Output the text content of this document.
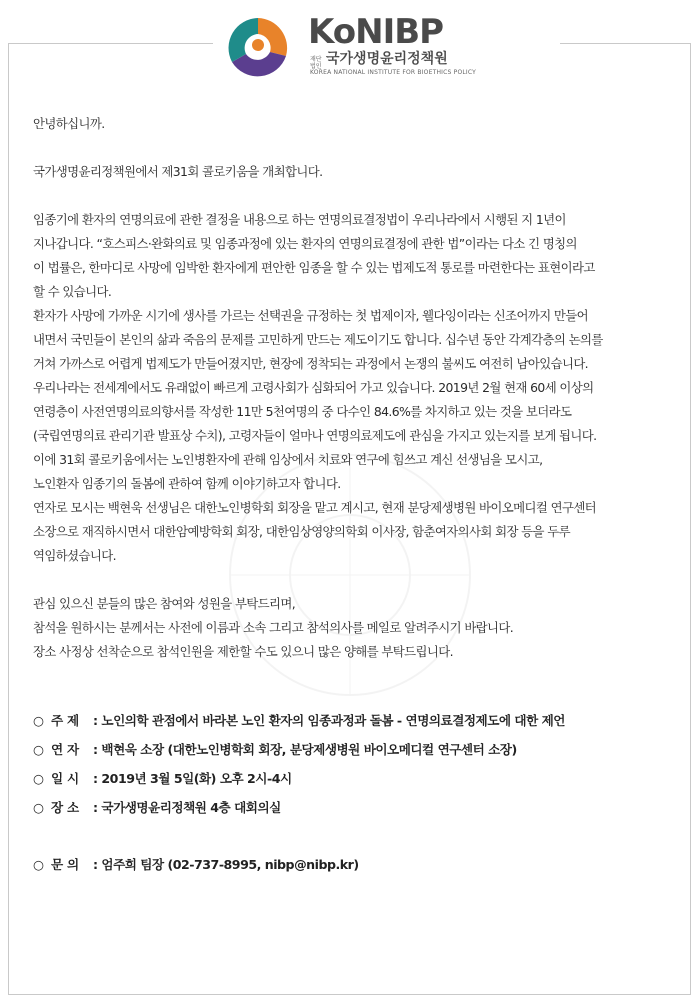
KoNIBP
재단
법인 국가생명윤리정책원
KOREA NATIONAL INSTITUTE FOR BIOETHICS POLICY

안녕하십니까.

국가생명윤리정책원에서 제31회 콜로키움을 개최합니다.

임종기에 환자의 연명의료에 관한 결정을 내용으로 하는 연명의료결정법이 우리나라에서 시행된 지 1년이

지나갑니다. “호스피스·완화의료 및 임종과정에 있는 환자의 연명의료결정에 관한 법”이라는 다소 긴 명칭의

이 법률은, 한마디로 사망에 임박한 환자에게 편안한 임종을 할 수 있는 법제도적 통로를 마련한다는 표현이라고

할 수 있습니다.

환자가 사망에 가까운 시기에 생사를 가르는 선택권을 규정하는 첫 법제이자, 웰다잉이라는 신조어까지 만들어

내면서 국민들이 본인의 삶과 죽음의 문제를 고민하게 만드는 제도이기도 합니다. 십수년 동안 각계각층의 논의를

거쳐 가까스로 어렵게 법제도가 만들어졌지만, 현장에 정착되는 과정에서 논쟁의 불씨도 여전히 남아있습니다.

우리나라는 전세계에서도 유래없이 빠르게 고령사회가 심화되어 가고 있습니다. 2019년 2월 현재 60세 이상의

연령층이 사전연명의료의향서를 작성한 11만 5천여명의 중 다수인 84.6%를 차지하고 있는 것을 보더라도

(국립연명의료 관리기관 발표상 수치), 고령자들이 얼마나 연명의료제도에 관심을 가지고 있는지를 보게 됩니다.

이에 31회 콜로키움에서는 노인병환자에 관해 임상에서 치료와 연구에 힘쓰고 계신 선생님을 모시고,

노인환자 임종기의 돌봄에 관하여 함께 이야기하고자 합니다.

연자로 모시는 백현욱 선생님은 대한노인병학회 회장을 맡고 계시고, 현재 분당제생병원 바이오메디컬 연구센터

소장으로 재직하시면서 대한암예방학회 회장, 대한임상영양의학회 이사장, 함춘여자의사회 회장 등을 두루

역임하셨습니다.

관심 있으신 분들의 많은 참여와 성원을 부탁드리며,

참석을 원하시는 분께서는 사전에 이름과 소속 그리고 참석의사를 메일로 알려주시기 바랍니다.

장소 사정상 선착순으로 참석인원을 제한할 수도 있으니 많은 양해를 부탁드립니다.

○ 주 제 : 노인의학 관점에서 바라본 노인 환자의 임종과정과 돌봄 - 연명의료결정제도에 대한 제언
○ 연 자 : 백현욱 소장 (대한노인병학회 회장, 분당제생병원 바이오메디컬 연구센터 소장)
○ 일 시 : 2019년 3월 5일(화) 오후 2시-4시
○ 장 소 : 국가생명윤리정책원 4층 대회의실
○ 문 의 : 엄주희 팀장 (02-737-8995, nibp@nibp.kr)
